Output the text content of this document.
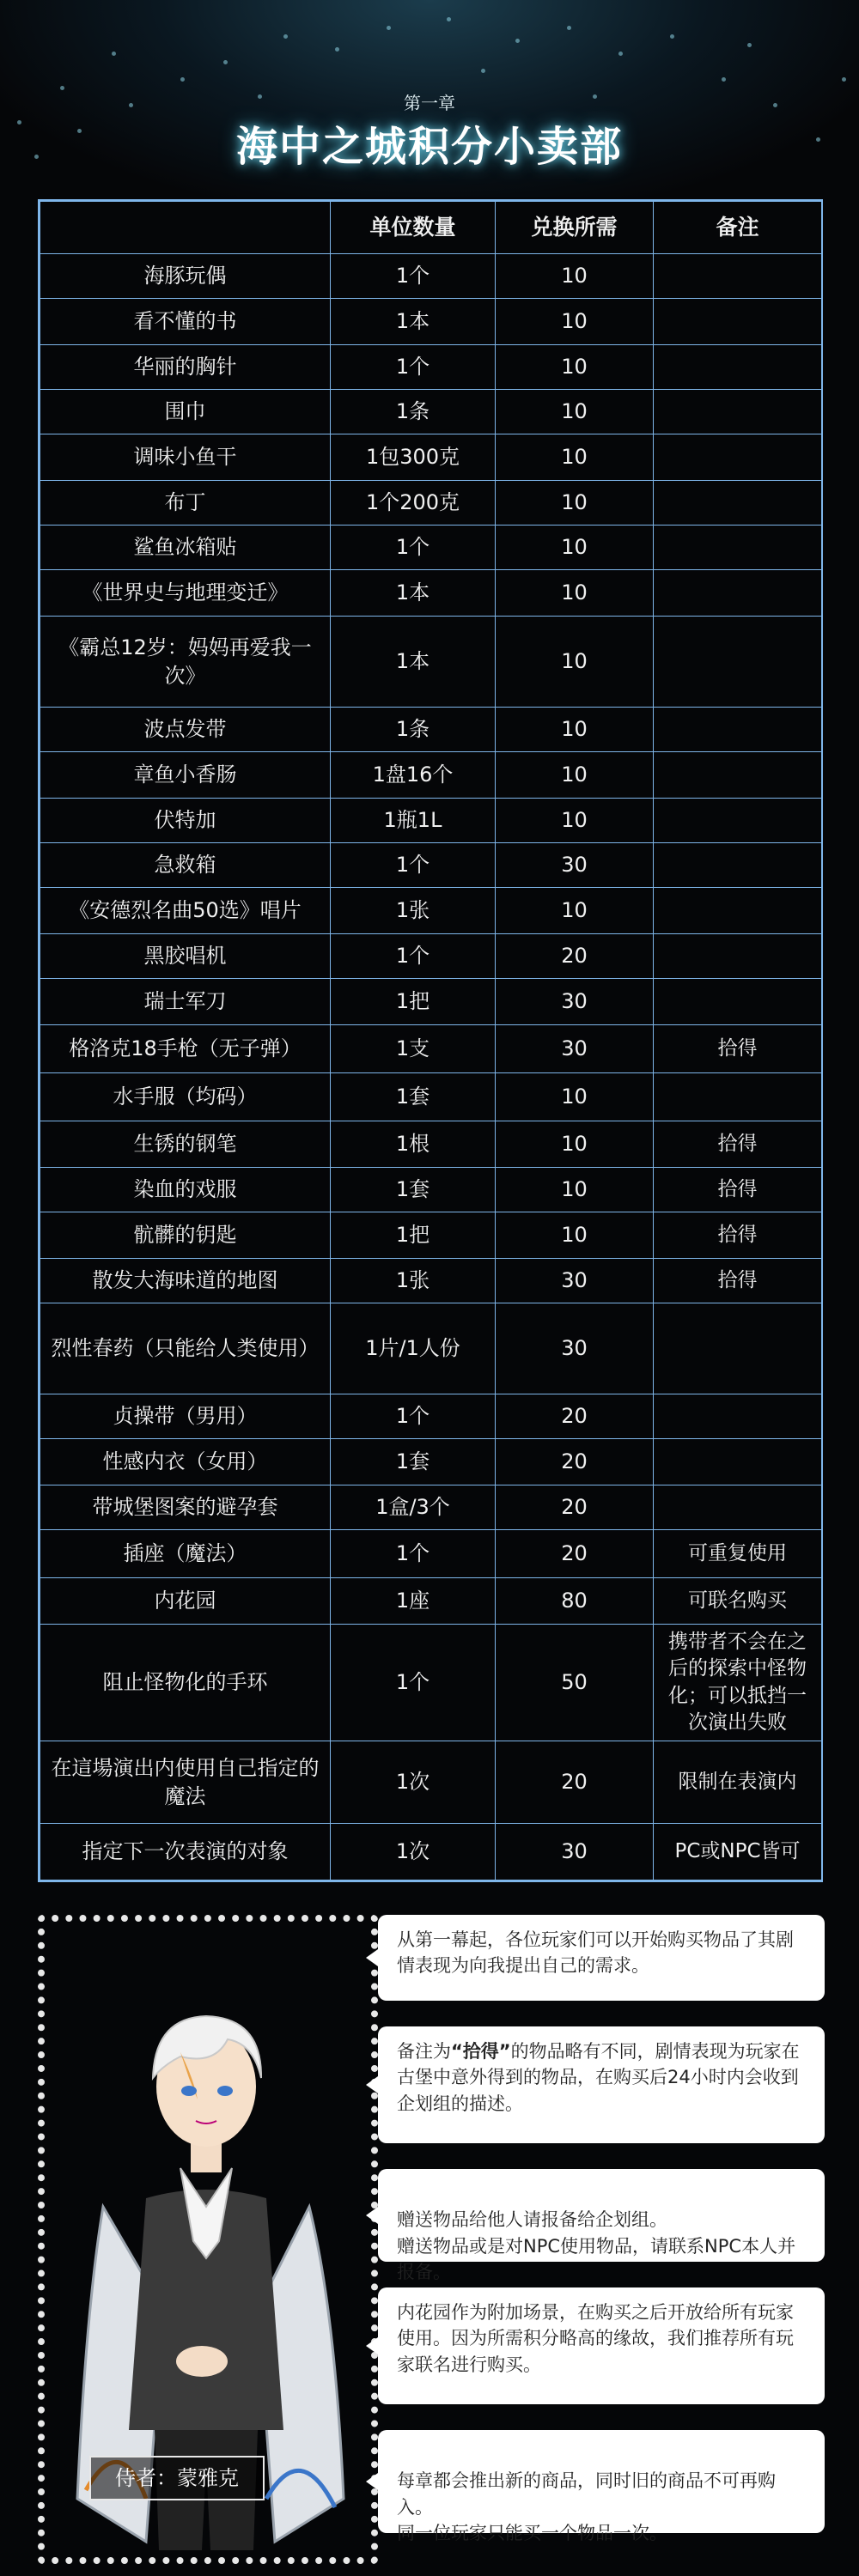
第一章
海中之城积分小卖部
	单位数量	兑换所需	备注
海豚玩偶	1个	10	
看不懂的书	1本	10	
华丽的胸针	1个	10	
围巾	1条	10	
调味小鱼干	1包300克	10	
布丁	1个200克	10	
鲨鱼冰箱贴	1个	10	
《世界史与地理变迁》	1本	10	
《霸总12岁：妈妈再爱我一次》	1本	10	
波点发带	1条	10	
章鱼小香肠	1盘16个	10	
伏特加	1瓶1L	10	
急救箱	1个	30	
《安德烈名曲50选》唱片	1张	10	
黑胶唱机	1个	20	
瑞士军刀	1把	30	
格洛克18手枪（无子弹）	1支	30	拾得
水手服（均码）	1套	10	
生锈的钢笔	1根	10	拾得
染血的戏服	1套	10	拾得
骯髒的钥匙	1把	10	拾得
散发大海味道的地图	1张	30	拾得
烈性春药（只能给人类使用）	1片/1人份	30	
贞操带（男用）	1个	20	
性感内衣（女用）	1套	20	
带城堡图案的避孕套	1盒/3个	20	
插座（魔法）	1个	20	可重复使用
内花园	1座	80	可联名购买
阻止怪物化的手环	1个	50	携带者不会在之后的探索中怪物化；可以抵挡一次演出失败
在這場演出内使用自己指定的魔法	1次	20	限制在表演内
指定下一次表演的对象	1次	30	PC或NPC皆可
侍者：蒙雅克
从第一幕起，各位玩家们可以开始购买物品了其剧情表现为向我提出自己的需求。
备注为“拾得”的物品略有不同，剧情表现为玩家在古堡中意外得到的物品，在购买后24小时内会收到企划组的描述。

赠送物品给他人请报备给企划组。
赠送物品或是对NPC使用物品，请联系NPC本人并报备。

内花园作为附加场景，在购买之后开放给所有玩家使用。因为所需积分略高的缘故，我们推荐所有玩家联名进行购买。

每章都会推出新的商品，同时旧的商品不可再购入。
同一位玩家只能买一个物品一次。
